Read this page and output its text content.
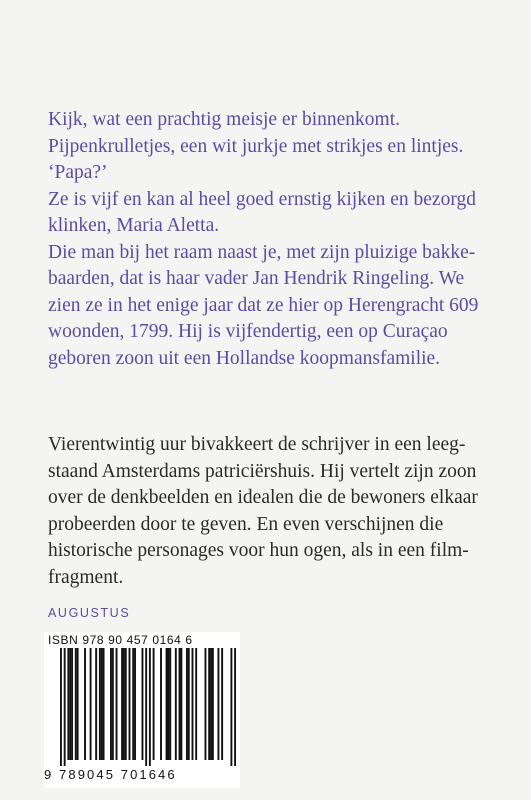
Kijk, wat een prachtig meisje er binnenkomt.

Pijpenkrulletjes, een wit jurkje met strikjes en lintjes.

‘Papa?’

Ze is vijf en kan al heel goed ernstig kijken en bezorgd

klinken, Maria Aletta.

Die man bij het raam naast je, met zijn pluizige bakke-

baarden, dat is haar vader Jan Hendrik Ringeling. We

zien ze in het enige jaar dat ze hier op Herengracht 609

woonden, 1799. Hij is vijfendertig, een op Curaçao

geboren zoon uit een Hollandse koopmansfamilie.

Vierentwintig uur bivakkeert de schrijver in een leeg-

staand Amsterdams patriciërshuis. Hij vertelt zijn zoon

over de denkbeelden en idealen die de bewoners elkaar

probeerden door te geven. En even verschijnen die

historische personages voor hun ogen, als in een film-

fragment.

AUGUSTUS
ISBN 978 90 457 0164 6
9 789045 701646
